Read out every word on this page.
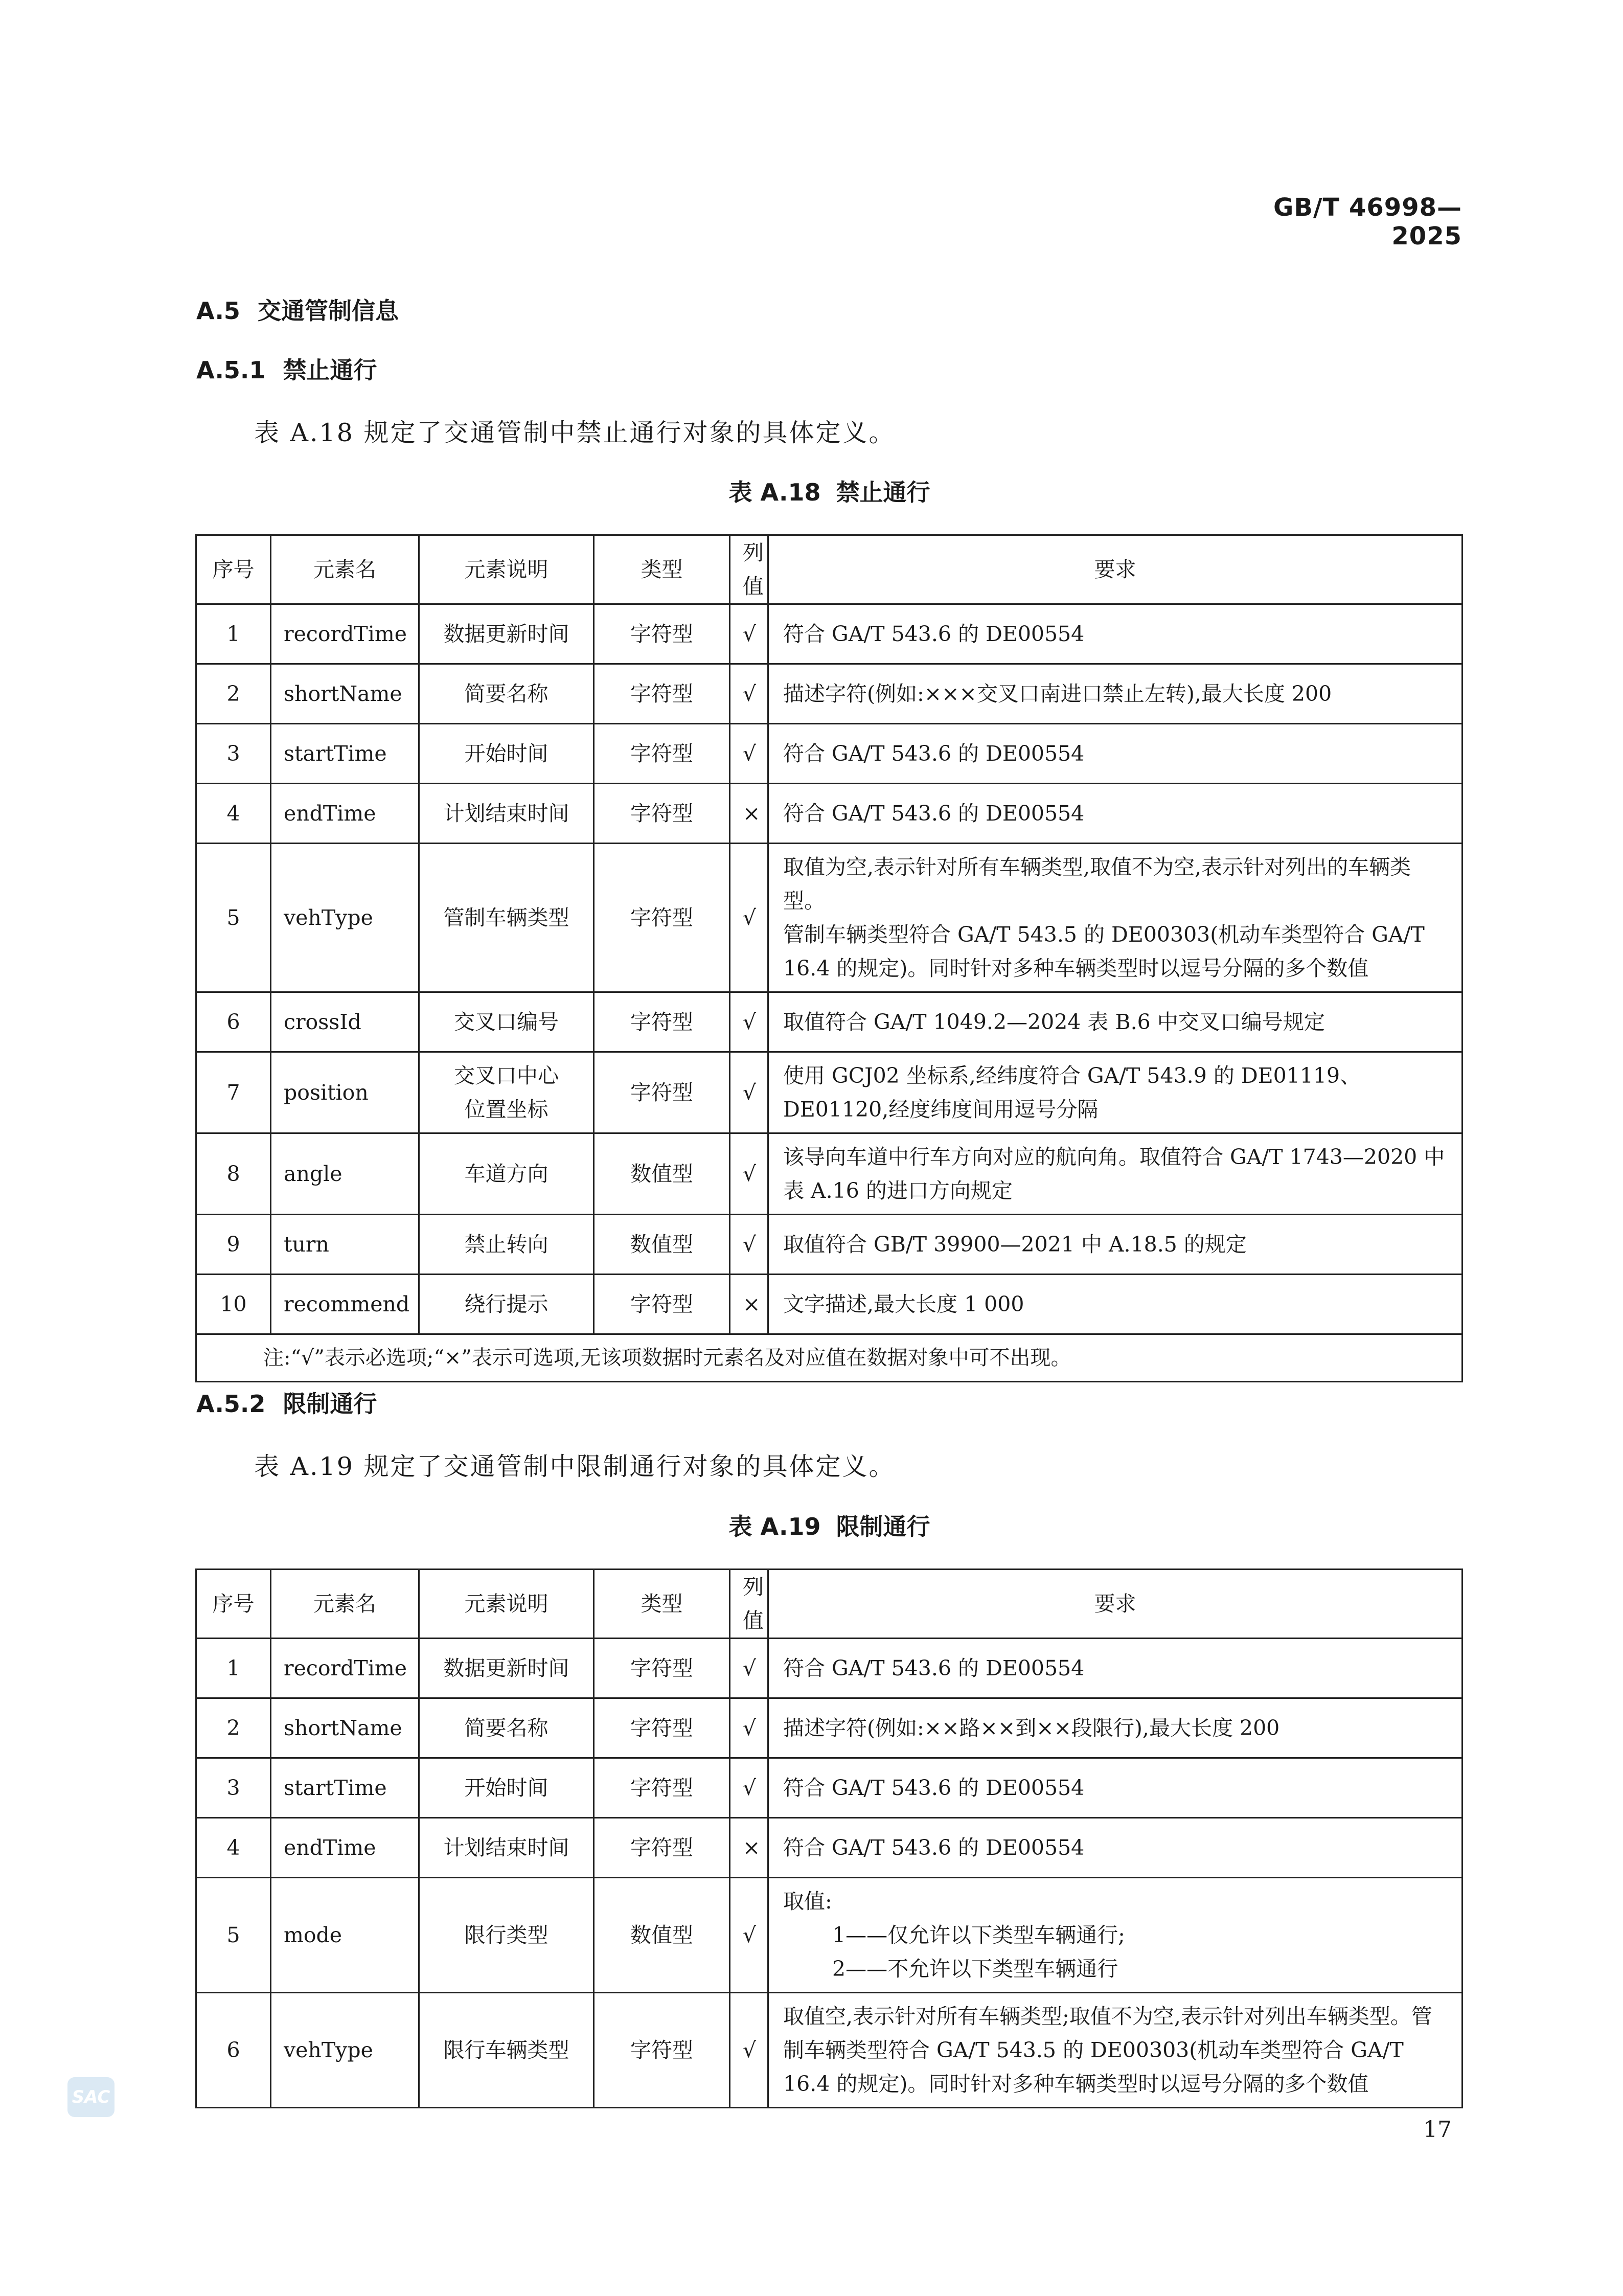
GB/T 46998—2025
A.5 交通管制信息
A.5.1 禁止通行
表 A.18 规定了交通管制中禁止通行对象的具体定义。
表 A.18 禁止通行
序号	元素名	元素说明	类型	列值	要求
1	recordTime	数据更新时间	字符型	√	符合 GA/T 543.6 的 DE00554

2	shortName	简要名称	字符型	√	描述字符(例如:×××交叉口南进口禁止左转),最大长度 200

3	startTime	开始时间	字符型	√	符合 GA/T 543.6 的 DE00554

4	endTime	计划结束时间	字符型	×	符合 GA/T 543.6 的 DE00554

5	vehType	管制车辆类型	字符型	√	取值为空,表示针对所有车辆类型,取值不为空,表示针对列出的车辆类型。
管制车辆类型符合 GA/T 543.5 的 DE00303(机动车类型符合 GA/T 16.4 的规定)。同时针对多种车辆类型时以逗号分隔的多个数值

6	crossId	交叉口编号	字符型	√	取值符合 GA/T 1049.2—2024 表 B.6 中交叉口编号规定

7	position	交叉口中心
位置坐标	字符型	√	使用 GCJ02 坐标系,经纬度符合 GA/T 543.9 的 DE01119、DE01120,经度纬度间用逗号分隔

8	angle	车道方向	数值型	√	该导向车道中行车方向对应的航向角。取值符合 GA/T 1743—2020 中表 A.16 的进口方向规定

9	turn	禁止转向	数值型	√	取值符合 GB/T 39900—2021 中 A.18.5 的规定

10	recommend	绕行提示	字符型	×	文字描述,最大长度 1 000

注:“√”表示必选项;“×”表示可选项,无该项数据时元素名及对应值在数据对象中可不出现。					
A.5.2 限制通行
表 A.19 规定了交通管制中限制通行对象的具体定义。
表 A.19 限制通行
序号	元素名	元素说明	类型	列值	要求
1	recordTime	数据更新时间	字符型	√	符合 GA/T 543.6 的 DE00554

2	shortName	简要名称	字符型	√	描述字符(例如:××路××到××段限行),最大长度 200

3	startTime	开始时间	字符型	√	符合 GA/T 543.6 的 DE00554

4	endTime	计划结束时间	字符型	×	符合 GA/T 543.6 的 DE00554

5	mode	限行类型	数值型	√	取值:
1——仅允许以下类型车辆通行;
2——不允许以下类型车辆通行

6	vehType	限行车辆类型	字符型	√	取值空,表示针对所有车辆类型;取值不为空,表示针对列出车辆类型。管制车辆类型符合 GA/T 543.5 的 DE00303(机动车类型符合 GA/T 16.4 的规定)。同时针对多种车辆类型时以逗号分隔的多个数值
SAC
17
